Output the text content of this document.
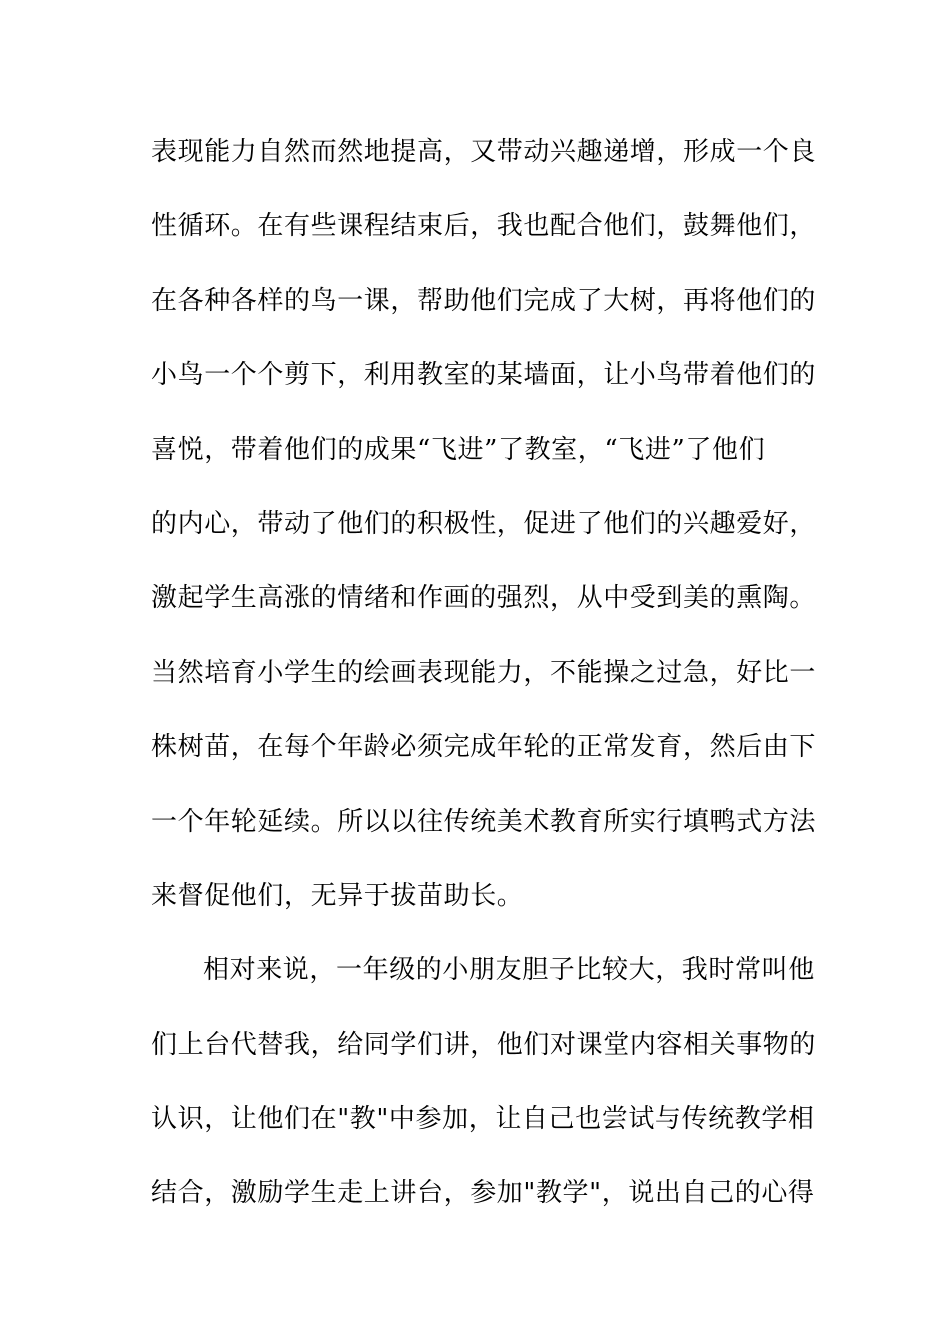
表现能力自然而然地提高，又带动兴趣递增，形成一个良
性循环。在有些课程结束后，我也配合他们，鼓舞他们，
在各种各样的鸟一课，帮助他们完成了大树，再将他们的
小鸟一个个剪下，利用教室的某墙面，让小鸟带着他们的
喜悦，带着他们的成果“飞进”了教室，“飞进”了他们
的内心，带动了他们的积极性，促进了他们的兴趣爱好，
激起学生高涨的情绪和作画的强烈，从中受到美的熏陶。
当然培育小学生的绘画表现能力，不能操之过急，好比一
株树苗，在每个年龄必须完成年轮的正常发育，然后由下
一个年轮延续。所以以往传统美术教育所实行填鸭式方法
来督促他们，无异于拔苗助长。
相对来说，一年级的小朋友胆子比较大，我时常叫他
们上台代替我，给同学们讲，他们对课堂内容相关事物的
认识，让他们在"教"中参加，让自己也尝试与传统教学相
结合，激励学生走上讲台，参加"教学"，说出自己的心得
